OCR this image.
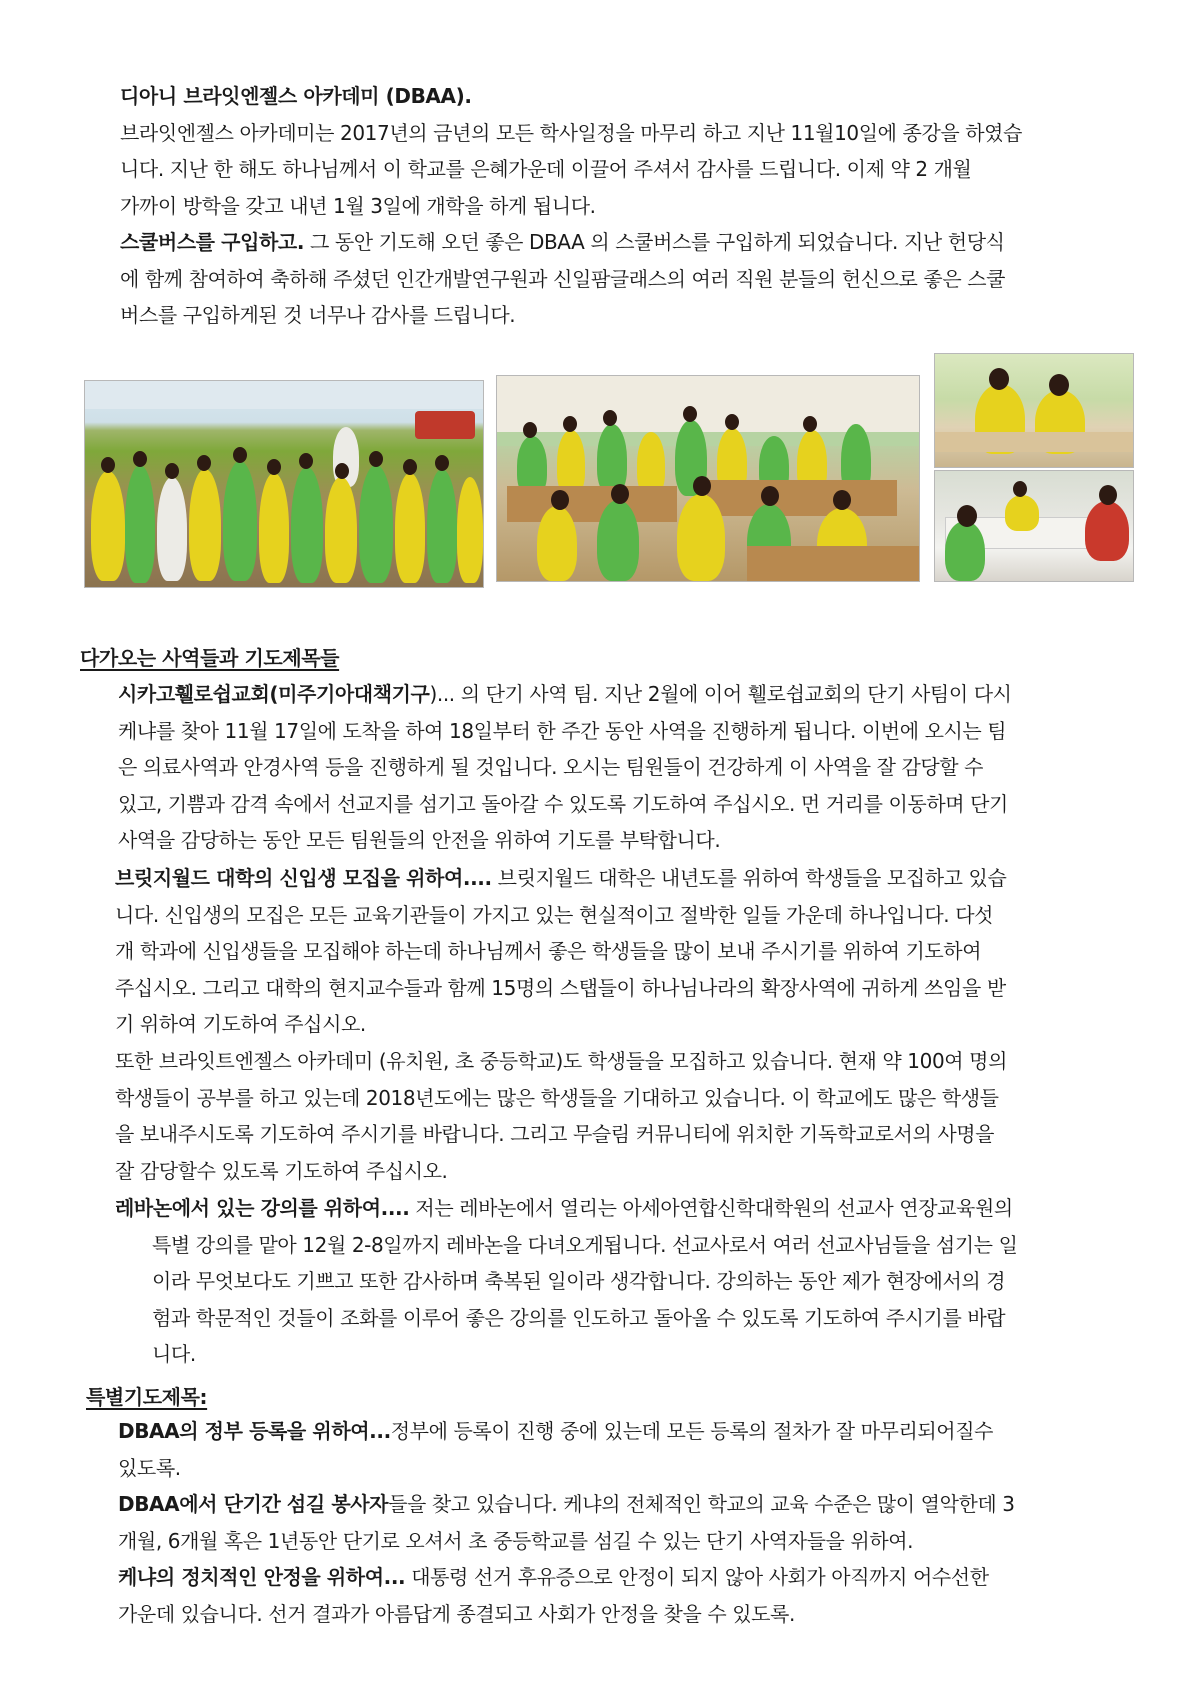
디아니 브라잇엔젤스 아카데미 (DBAA).

브라잇엔젤스 아카데미는 2017년의 금년의 모든 학사일정을 마무리 하고 지난 11월10일에 종강을 하였습

니다. 지난 한 해도 하나님께서 이 학교를 은혜가운데 이끌어 주셔서 감사를 드립니다. 이제 약 2 개월

가까이 방학을 갖고 내년 1월 3일에 개학을 하게 됩니다.

스쿨버스를 구입하고. 그 동안 기도해 오던 좋은 DBAA 의 스쿨버스를 구입하게 되었습니다. 지난 헌당식

에 함께 참여하여 축하해 주셨던 인간개발연구원과 신일팜글래스의 여러 직원 분들의 헌신으로 좋은 스쿨

버스를 구입하게된 것 너무나 감사를 드립니다.

다가오는 사역들과 기도제목들

시카고휄로쉽교회(미주기아대책기구)... 의 단기 사역 팀. 지난 2월에 이어 휄로쉽교회의 단기 사팀이 다시

케냐를 찾아 11월 17일에 도착을 하여 18일부터 한 주간 동안 사역을 진행하게 됩니다. 이번에 오시는 팀

은 의료사역과 안경사역 등을 진행하게 될 것입니다. 오시는 팀원들이 건강하게 이 사역을 잘 감당할 수

있고, 기쁨과 감격 속에서 선교지를 섬기고 돌아갈 수 있도록 기도하여 주십시오. 먼 거리를 이동하며 단기

사역을 감당하는 동안 모든 팀원들의 안전을 위하여 기도를 부탁합니다.

브릿지월드 대학의 신입생 모집을 위하여.... 브릿지월드 대학은 내년도를 위하여 학생들을 모집하고 있습

니다. 신입생의 모집은 모든 교육기관들이 가지고 있는 현실적이고 절박한 일들 가운데 하나입니다. 다섯

개 학과에 신입생들을 모집해야 하는데 하나님께서 좋은 학생들을 많이 보내 주시기를 위하여 기도하여

주십시오. 그리고 대학의 현지교수들과 함께 15명의 스탭들이 하나님나라의 확장사역에 귀하게 쓰임을 받

기 위하여 기도하여 주십시오.

또한 브라잇트엔젤스 아카데미 (유치원, 초 중등학교)도 학생들을 모집하고 있습니다. 현재 약 100여 명의

학생들이 공부를 하고 있는데 2018년도에는 많은 학생들을 기대하고 있습니다. 이 학교에도 많은 학생들

을 보내주시도록 기도하여 주시기를 바랍니다. 그리고 무슬림 커뮤니티에 위치한 기독학교로서의 사명을

잘 감당할수 있도록 기도하여 주십시오.

레바논에서 있는 강의를 위하여.... 저는 레바논에서 열리는 아세아연합신학대학원의 선교사 연장교육원의

특별 강의를 맡아 12월 2-8일까지 레바논을 다녀오게됩니다. 선교사로서 여러 선교사님들을 섬기는 일

이라 무엇보다도 기쁘고 또한 감사하며 축복된 일이라 생각합니다. 강의하는 동안 제가 현장에서의 경

험과 학문적인 것들이 조화를 이루어 좋은 강의를 인도하고 돌아올 수 있도록 기도하여 주시기를 바랍

니다.

특별기도제목:

DBAA의 정부 등록을 위하여...정부에 등록이 진행 중에 있는데 모든 등록의 절차가 잘 마무리되어질수

있도록.

DBAA에서 단기간 섬길 봉사자들을 찾고 있습니다. 케냐의 전체적인 학교의 교육 수준은 많이 열악한데 3

개월, 6개월 혹은 1년동안 단기로 오셔서 초 중등학교를 섬길 수 있는 단기 사역자들을 위하여.

케냐의 정치적인 안정을 위하여... 대통령 선거 후유증으로 안정이 되지 않아 사회가 아직까지 어수선한

가운데 있습니다. 선거 결과가 아름답게 종결되고 사회가 안정을 찾을 수 있도록.
